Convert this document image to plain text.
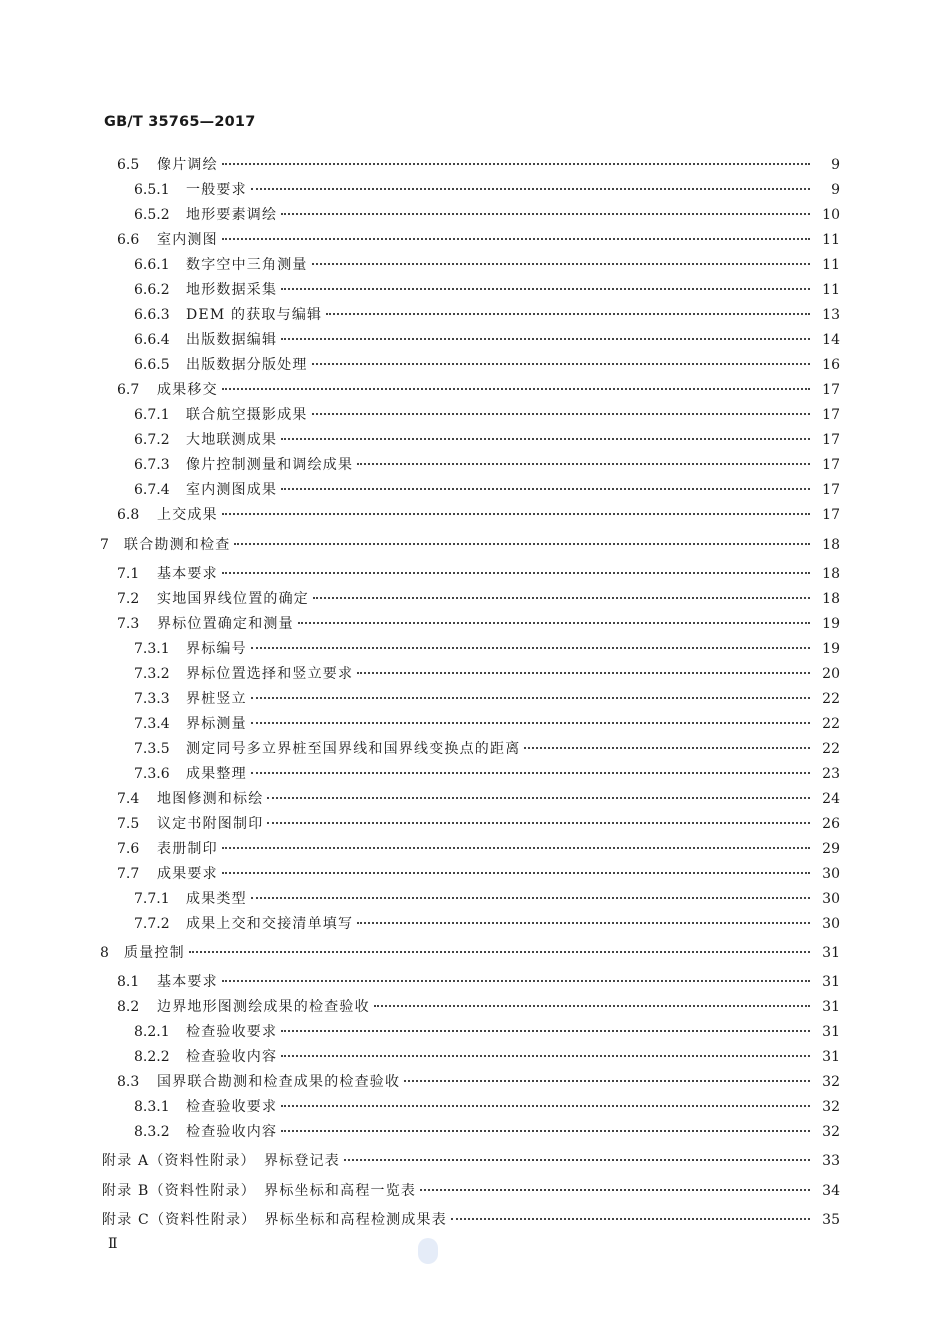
GB/T 35765—2017
6.5	像片调绘	9
6.5.1	一般要求	9
6.5.2	地形要素调绘	10
6.6	室内测图	11
6.6.1	数字空中三角测量	11
6.6.2	地形数据采集	11
6.6.3	DEM 的获取与编辑	13
6.6.4	出版数据编辑	14
6.6.5	出版数据分版处理	16
6.7	成果移交	17
6.7.1	联合航空摄影成果	17
6.7.2	大地联测成果	17
6.7.3	像片控制测量和调绘成果	17
6.7.4	室内测图成果	17
6.8	上交成果	17
7	联合勘测和检查	18
7.1	基本要求	18
7.2	实地国界线位置的确定	18
7.3	界标位置确定和测量	19
7.3.1	界标编号	19
7.3.2	界标位置选择和竖立要求	20
7.3.3	界桩竖立	22
7.3.4	界标测量	22
7.3.5	测定同号多立界桩至国界线和国界线变换点的距离	22
7.3.6	成果整理	23
7.4	地图修测和标绘	24
7.5	议定书附图制印	26
7.6	表册制印	29
7.7	成果要求	30
7.7.1	成果类型	30
7.7.2	成果上交和交接清单填写	30
8	质量控制	31
8.1	基本要求	31
8.2	边界地形图测绘成果的检查验收	31
8.2.1	检查验收要求	31
8.2.2	检查验收内容	31
8.3	国界联合勘测和检查成果的检查验收	32
8.3.1	检查验收要求	32
8.3.2	检查验收内容	32
附录 A（资料性附录）　界标登记表	33
附录 B（资料性附录）　界标坐标和高程一览表	34
附录 C（资料性附录）　界标坐标和高程检测成果表	35
Ⅱ
